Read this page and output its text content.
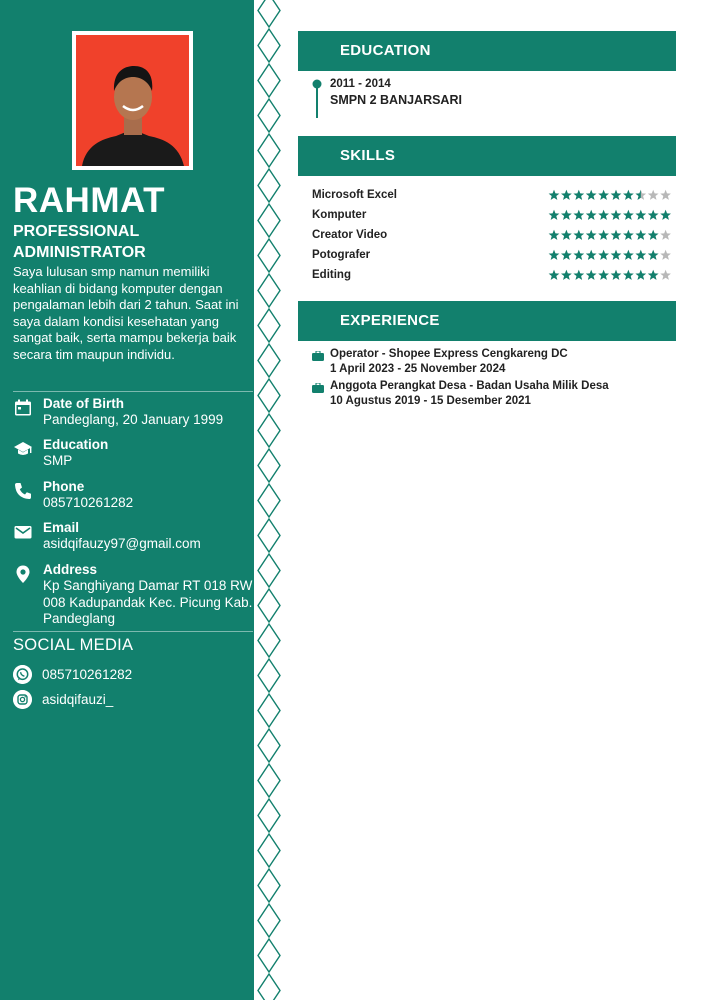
RAHMAT
PROFESSIONAL ADMINISTRATOR
Saya lulusan smp namun memiliki keahlian di bidang komputer dengan pengalaman lebih dari 2 tahun. Saat ini saya dalam kondisi kesehatan yang sangat baik, serta mampu bekerja baik secara tim maupun individu.
Date of Birth
Pandeglang, 20 January 1999
Education
SMP
Phone
085710261282
Email
asidqifauzy97@gmail.com
Address
Kp Sanghiyang Damar RT 018 RW 008 Kadupandak Kec. Picung Kab. Pandeglang
SOCIAL MEDIA
085710261282
asidqifauzi_
EDUCATION
2011 - 2014
SMPN 2 BANJARSARI
SKILLS
Microsoft Excel
Komputer
Creator Video
Potografer
Editing
EXPERIENCE
Operator - Shopee Express Cengkareng DC
1 April 2023 - 25 November 2024
Anggota Perangkat Desa - Badan Usaha Milik Desa
10 Agustus 2019 - 15 Desember 2021
